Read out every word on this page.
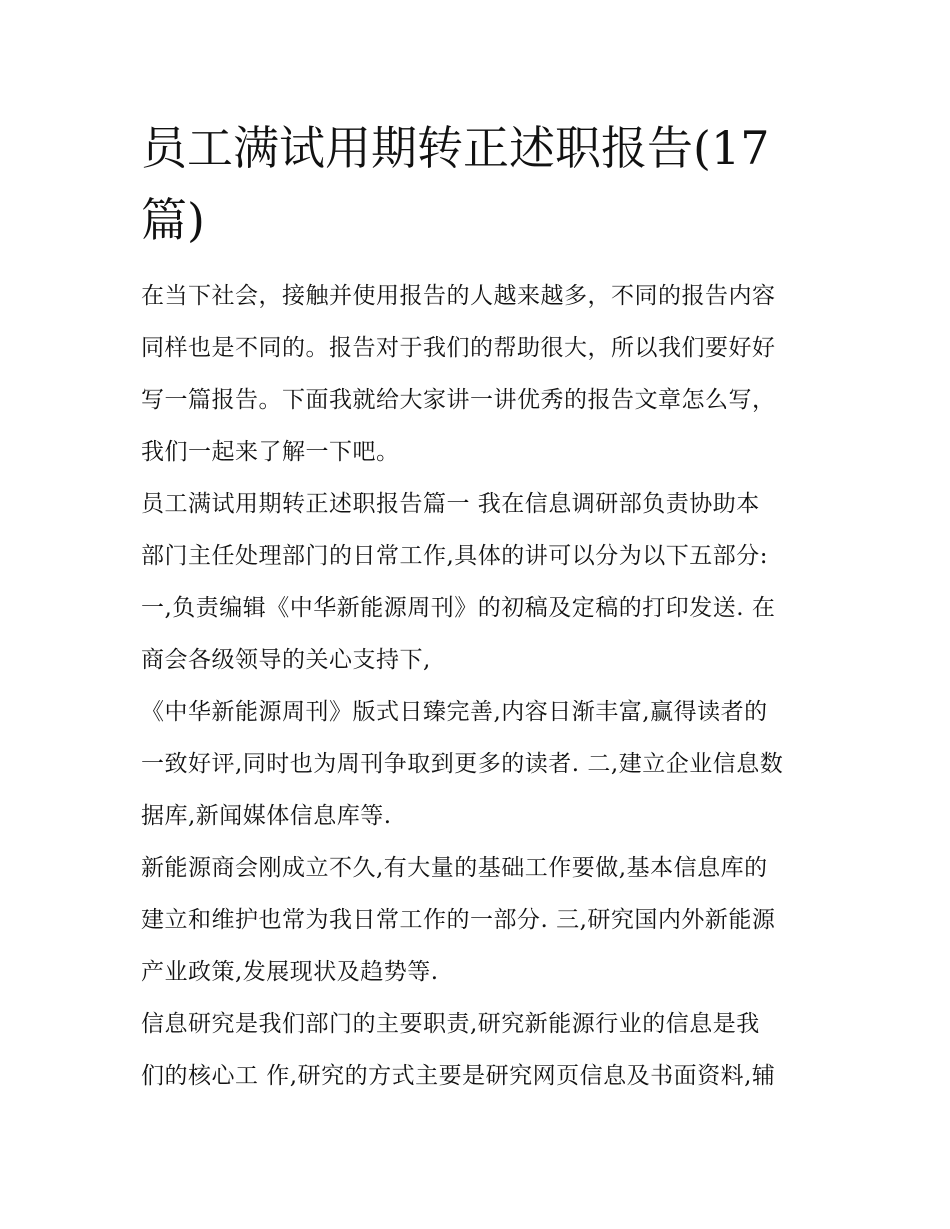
员工满试用期转正述职报告(17
篇)

在当下社会，接触并使用报告的人越来越多，不同的报告内容
同样也是不同的。报告对于我们的帮助很大，所以我们要好好
写一篇报告。下面我就给大家讲一讲优秀的报告文章怎么写，
我们一起来了解一下吧。

员工满试用期转正述职报告篇一 我在信息调研部负责协助本
部门主任处理部门的日常工作,具体的讲可以分为以下五部分:
一,负责编辑《中华新能源周刊》的初稿及定稿的打印发送. 在
商会各级领导的关心支持下,

《中华新能源周刊》版式日臻完善,内容日渐丰富,赢得读者的
一致好评,同时也为周刊争取到更多的读者. 二,建立企业信息数
据库,新闻媒体信息库等.

新能源商会刚成立不久,有大量的基础工作要做,基本信息库的
建立和维护也常为我日常工作的一部分. 三,研究国内外新能源
产业政策,发展现状及趋势等.

信息研究是我们部门的主要职责,研究新能源行业的信息是我
们的核心工 作,研究的方式主要是研究网页信息及书面资料,辅
